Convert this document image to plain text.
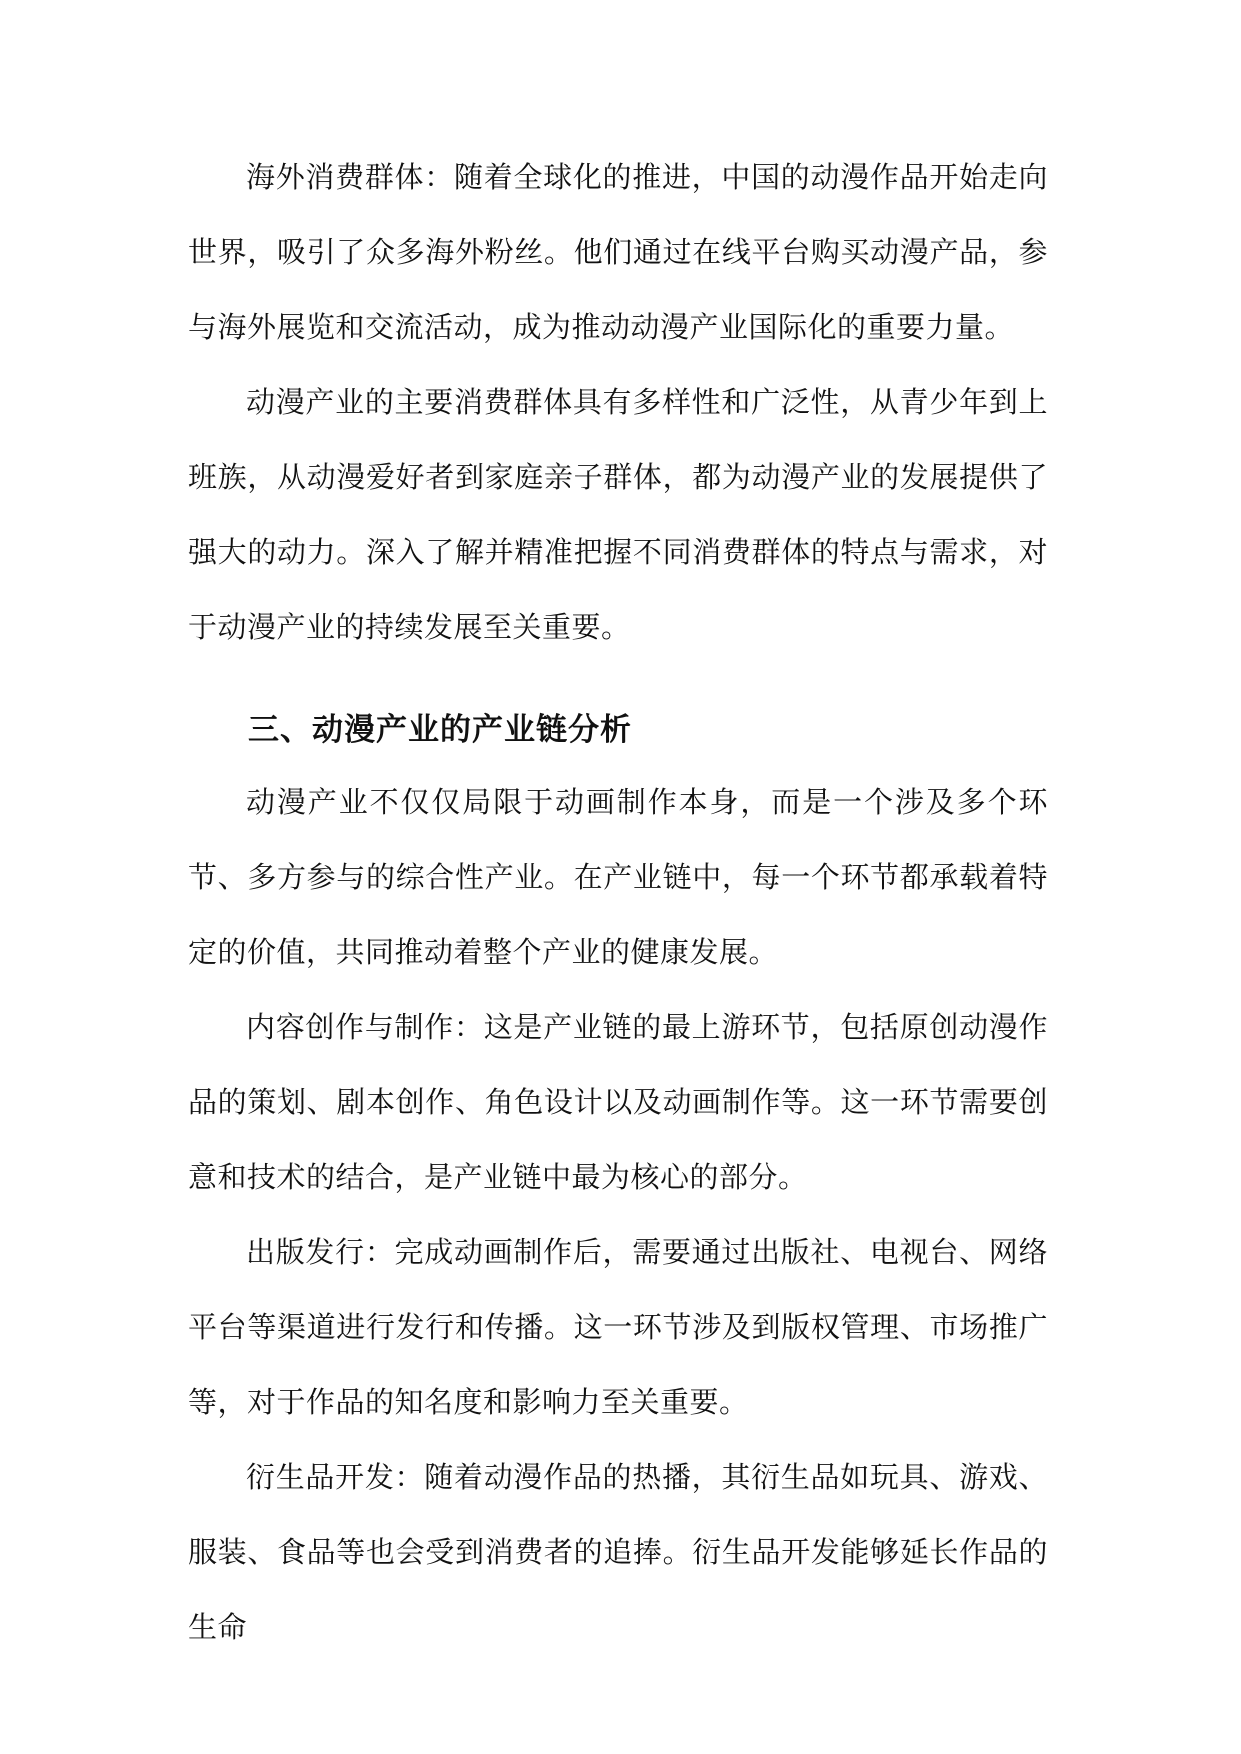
海外消费群体：随着全球化的推进，中国的动漫作品开始走向世界，吸引了众多海外粉丝。他们通过在线平台购买动漫产品，参与海外展览和交流活动，成为推动动漫产业国际化的重要力量。

动漫产业的主要消费群体具有多样性和广泛性，从青少年到上班族，从动漫爱好者到家庭亲子群体，都为动漫产业的发展提供了强大的动力。深入了解并精准把握不同消费群体的特点与需求，对于动漫产业的持续发展至关重要。

三、动漫产业的产业链分析

动漫产业不仅仅局限于动画制作本身，而是一个涉及多个环节、多方参与的综合性产业。在产业链中，每一个环节都承载着特定的价值，共同推动着整个产业的健康发展。

内容创作与制作：这是产业链的最上游环节，包括原创动漫作品的策划、剧本创作、角色设计以及动画制作等。这一环节需要创意和技术的结合，是产业链中最为核心的部分。

出版发行：完成动画制作后，需要通过出版社、电视台、网络平台等渠道进行发行和传播。这一环节涉及到版权管理、市场推广等，对于作品的知名度和影响力至关重要。

衍生品开发：随着动漫作品的热播，其衍生品如玩具、游戏、服装、食品等也会受到消费者的追捧。衍生品开发能够延长作品的生命
